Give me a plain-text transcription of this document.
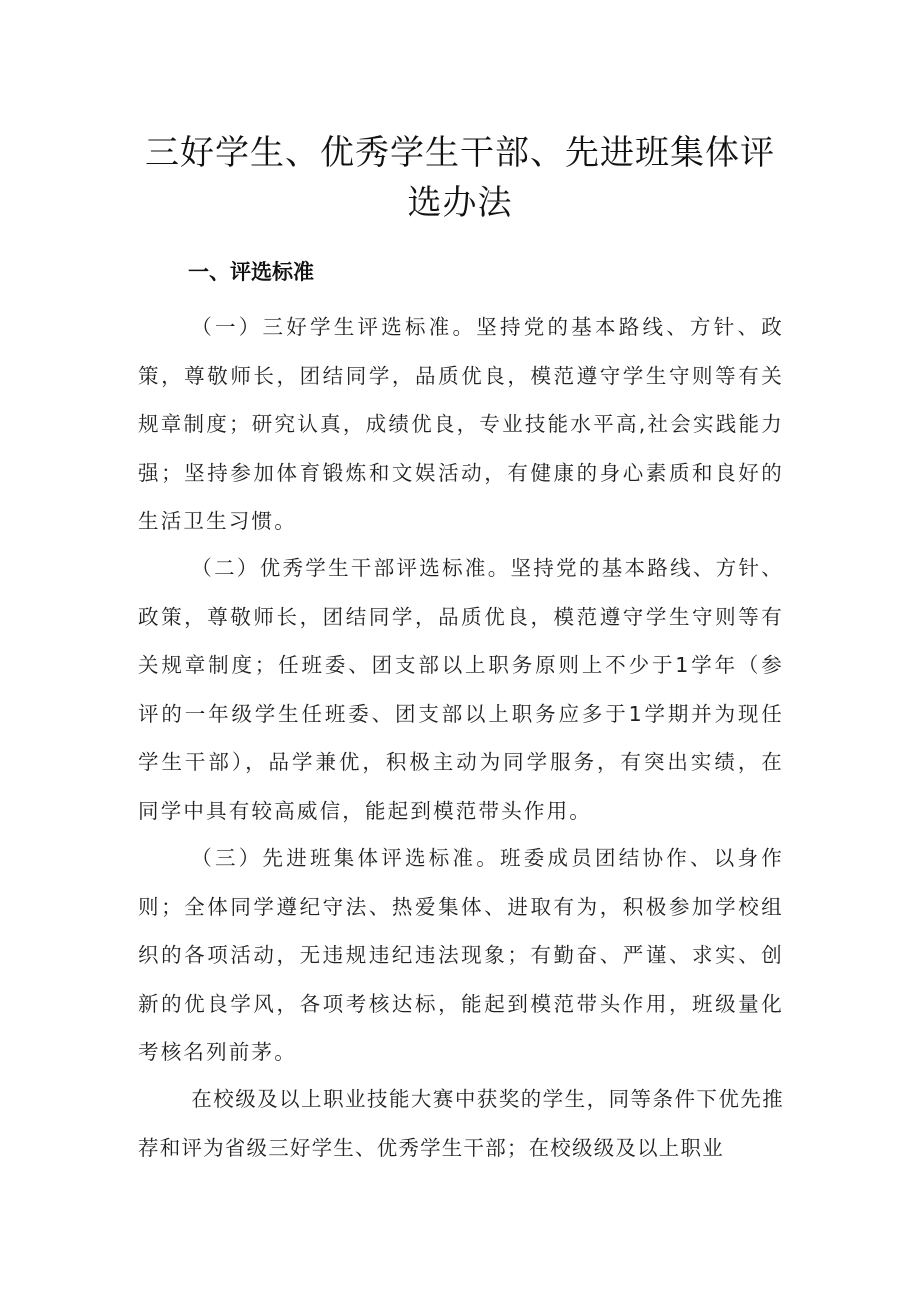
三好学生、优秀学生干部、先进班集体评选办法
一、评选标准

（一）三好学生评选标准。坚持党的基本路线、方针、政策，尊敬师长，团结同学，品质优良，模范遵守学生守则等有关规章制度；研究认真，成绩优良，专业技能水平高,社会实践能力强；坚持参加体育锻炼和文娱活动，有健康的身心素质和良好的生活卫生习惯。

（二）优秀学生干部评选标准。坚持党的基本路线、方针、政策，尊敬师长，团结同学，品质优良，模范遵守学生守则等有关规章制度；任班委、团支部以上职务原则上不少于1学年（参评的一年级学生任班委、团支部以上职务应多于1学期并为现任学生干部），品学兼优，积极主动为同学服务，有突出实绩，在同学中具有较高威信，能起到模范带头作用。

（三）先进班集体评选标准。班委成员团结协作、以身作则；全体同学遵纪守法、热爱集体、进取有为，积极参加学校组织的各项活动，无违规违纪违法现象；有勤奋、严谨、求实、创新的优良学风，各项考核达标，能起到模范带头作用，班级量化考核名列前茅。

在校级及以上职业技能大赛中获奖的学生，同等条件下优先推荐和评为省级三好学生、优秀学生干部；在校级级及以上职业
